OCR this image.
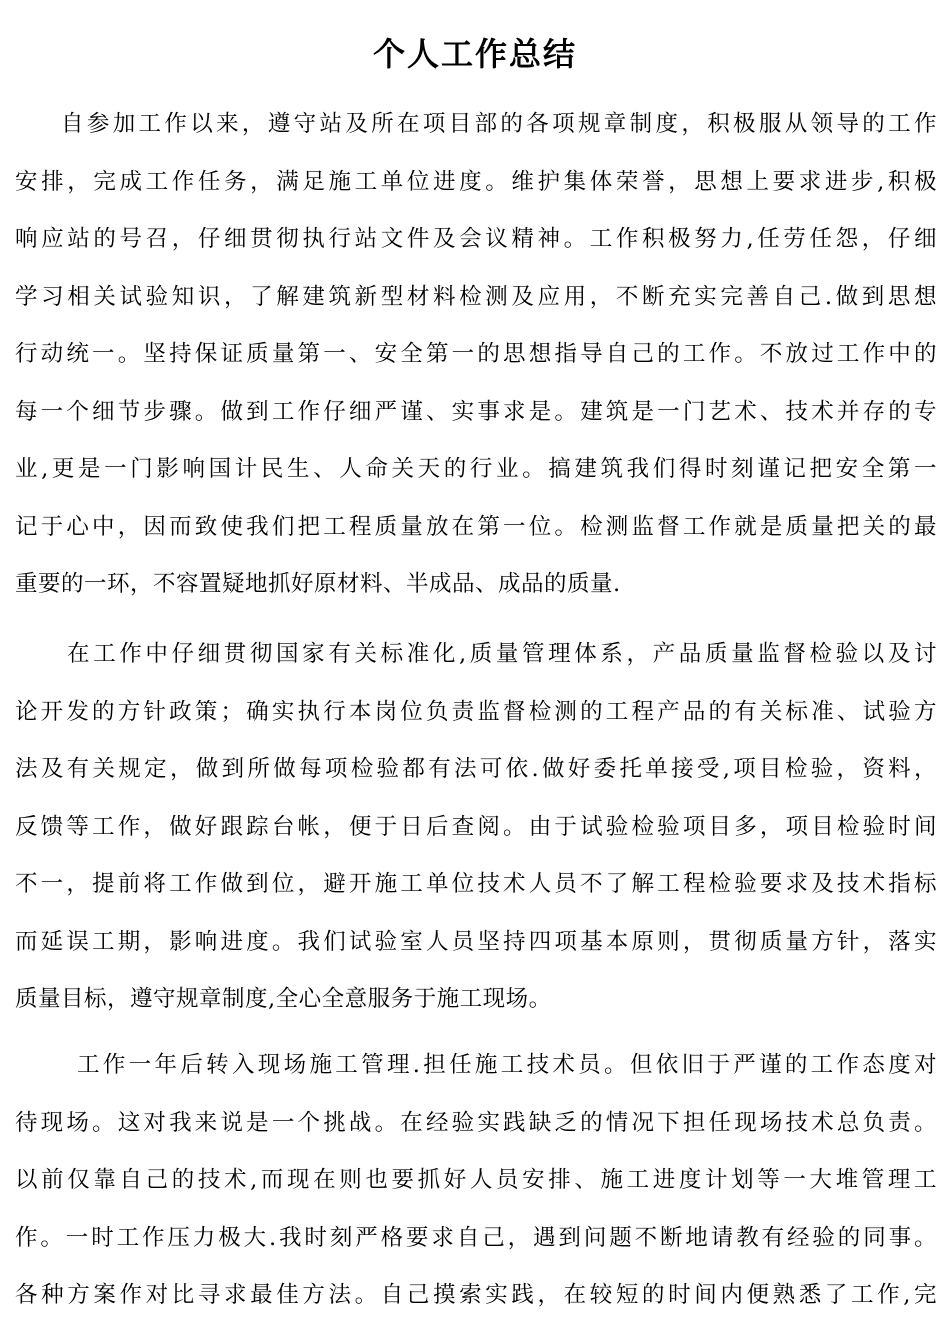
个人工作总结
自参加工作以来，遵守站及所在项目部的各项规章制度，积极服从领导的工作
安排，完成工作任务，满足施工单位进度。维护集体荣誉，思想上要求进步,积极
响应站的号召，仔细贯彻执行站文件及会议精神。工作积极努力,任劳任怨，仔细
学习相关试验知识，了解建筑新型材料检测及应用，不断充实完善自己.做到思想
行动统一。坚持保证质量第一、安全第一的思想指导自己的工作。不放过工作中的
每一个细节步骤。做到工作仔细严谨、实事求是。建筑是一门艺术、技术并存的专
业,更是一门影响国计民生、人命关天的行业。搞建筑我们得时刻谨记把安全第一
记于心中，因而致使我们把工程质量放在第一位。检测监督工作就是质量把关的最
重要的一环，不容置疑地抓好原材料、半成品、成品的质量.
在工作中仔细贯彻国家有关标准化,质量管理体系，产品质量监督检验以及讨
论开发的方针政策；确实执行本岗位负责监督检测的工程产品的有关标准、试验方
法及有关规定，做到所做每项检验都有法可依.做好委托单接受,项目检验，资料，
反馈等工作，做好跟踪台帐，便于日后查阅。由于试验检验项目多，项目检验时间
不一，提前将工作做到位，避开施工单位技术人员不了解工程检验要求及技术指标
而延误工期，影响进度。我们试验室人员坚持四项基本原则，贯彻质量方针，落实
质量目标，遵守规章制度,全心全意服务于施工现场。
工作一年后转入现场施工管理.担任施工技术员。但依旧于严谨的工作态度对
待现场。这对我来说是一个挑战。在经验实践缺乏的情况下担任现场技术总负责。
以前仅靠自己的技术,而现在则也要抓好人员安排、施工进度计划等一大堆管理工
作。一时工作压力极大.我时刻严格要求自己，遇到问题不断地请教有经验的同事。
各种方案作对比寻求最佳方法。自己摸索实践，在较短的时间内便熟悉了工作,完
